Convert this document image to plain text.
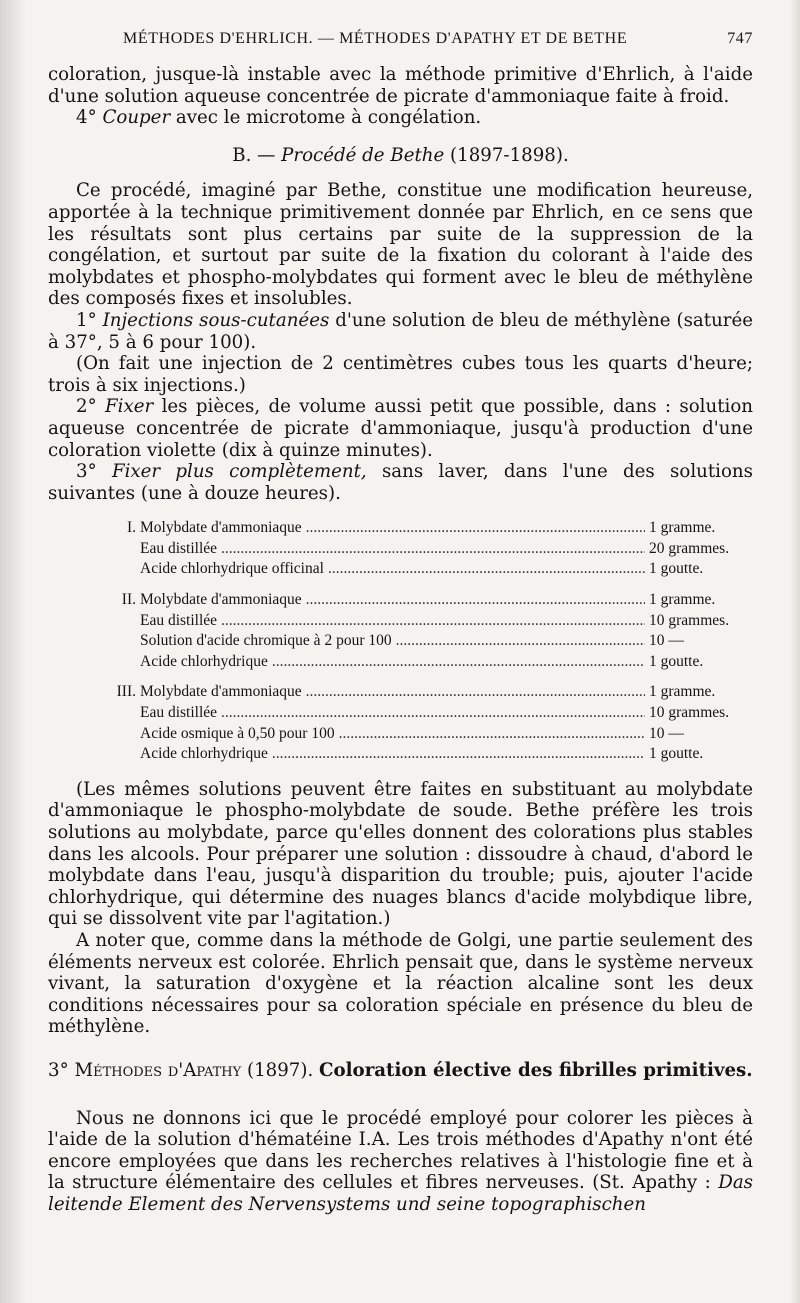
MÉTHODES D'EHRLICH. — MÉTHODES D'APATHY ET DE BETHE	747

coloration, jusque-là instable avec la méthode primitive d'Ehrlich, à l'aide d'une solution aqueuse concentrée de picrate d'ammoniaque faite à froid.

4° Couper avec le microtome à congélation.

B. — Procédé de Bethe (1897-1898).

Ce procédé, imaginé par Bethe, constitue une modification heureuse, apportée à la technique primitivement donnée par Ehrlich, en ce sens que les résultats sont plus certains par suite de la suppression de la congélation, et surtout par suite de la fixation du colorant à l'aide des molybdates et phospho-molybdates qui forment avec le bleu de méthylène des composés fixes et insolubles.

1° Injections sous-cutanées d'une solution de bleu de méthylène (saturée à 37°, 5 à 6 pour 100).

(On fait une injection de 2 centimètres cubes tous les quarts d'heure; trois à six injections.)

2° Fixer les pièces, de volume aussi petit que possible, dans : solution aqueuse concentrée de picrate d'ammoniaque, jusqu'à production d'une coloration violette (dix à quinze minutes).

3° Fixer plus complètement, sans laver, dans l'une des solutions suivantes (une à douze heures).

I. Molybdate d'ammoniaque .....	1 gramme.
Eau distillée .....	20 grammes.
Acide chlorhydrique officinal .....	1 goutte.
II. Molybdate d'ammoniaque .....	1 gramme.
Eau distillée .....	10 grammes.
Solution d'acide chromique à 2 pour 100 .....	10 —
Acide chlorhydrique .....	1 goutte.
III. Molybdate d'ammoniaque .....	1 gramme.
Eau distillée .....	10 grammes.
Acide osmique à 0,50 pour 100 .....	10 —
Acide chlorhydrique .....	1 goutte.

(Les mêmes solutions peuvent être faites en substituant au molybdate d'ammoniaque le phospho-molybdate de soude. Bethe préfère les trois solutions au molybdate, parce qu'elles donnent des colorations plus stables dans les alcools. Pour préparer une solution : dissoudre à chaud, d'abord le molybdate dans l'eau, jusqu'à disparition du trouble; puis, ajouter l'acide chlorhydrique, qui détermine des nuages blancs d'acide molybdique libre, qui se dissolvent vite par l'agitation.)

A noter que, comme dans la méthode de Golgi, une partie seulement des éléments nerveux est colorée. Ehrlich pensait que, dans le système nerveux vivant, la saturation d'oxygène et la réaction alcaline sont les deux conditions nécessaires pour sa coloration spéciale en présence du bleu de méthylène.

3° Méthodes d'Apathy (1897). Coloration élective des fibrilles primitives.

Nous ne donnons ici que le procédé employé pour colorer les pièces à l'aide de la solution d'hématéine I.A. Les trois méthodes d'Apathy n'ont été encore employées que dans les recherches relatives à l'histologie fine et à la structure élémentaire des cellules et fibres nerveuses. (St. Apathy : Das leitende Element des Nervensystems und seine topographischen
